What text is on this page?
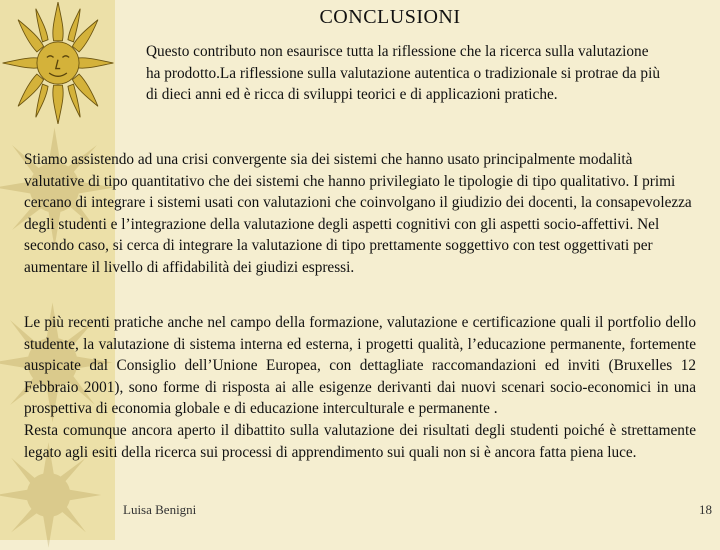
CONCLUSIONI
Questo contributo non esaurisce tutta la riflessione che la ricerca sulla valutazione ha prodotto.La riflessione sulla valutazione autentica o tradizionale si protrae da più di dieci anni ed è ricca di sviluppi teorici e di applicazioni pratiche.
Stiamo assistendo ad una crisi convergente sia dei sistemi che hanno usato principalmente modalità valutative di tipo quantitativo che dei sistemi che hanno privilegiato le tipologie di tipo qualitativo. I primi cercano di integrare i sistemi usati con valutazioni che coinvolgano il giudizio dei docenti, la consapevolezza degli studenti e l’integrazione della valutazione degli aspetti cognitivi con gli aspetti socio-affettivi. Nel secondo caso, si cerca di integrare la valutazione di tipo prettamente soggettivo con test oggettivati per aumentare il livello di affidabilità dei giudizi espressi.
Le più recenti pratiche anche nel campo della formazione, valutazione e certificazione quali il portfolio dello studente, la valutazione di sistema interna ed esterna, i progetti qualità, l’educazione permanente, fortemente auspicate dal Consiglio dell’Unione Europea, con dettagliate raccomandazioni ed inviti (Bruxelles 12 Febbraio 2001), sono forme di risposta ai alle esigenze derivanti dai nuovi scenari socio-economici in una prospettiva di economia globale e di educazione interculturale e permanente .
Resta comunque ancora aperto il dibattito sulla valutazione dei risultati degli studenti poiché è strettamente legato agli esiti della ricerca sui processi di apprendimento sui quali non si è ancora fatta piena luce.
Luisa Benigni	18
